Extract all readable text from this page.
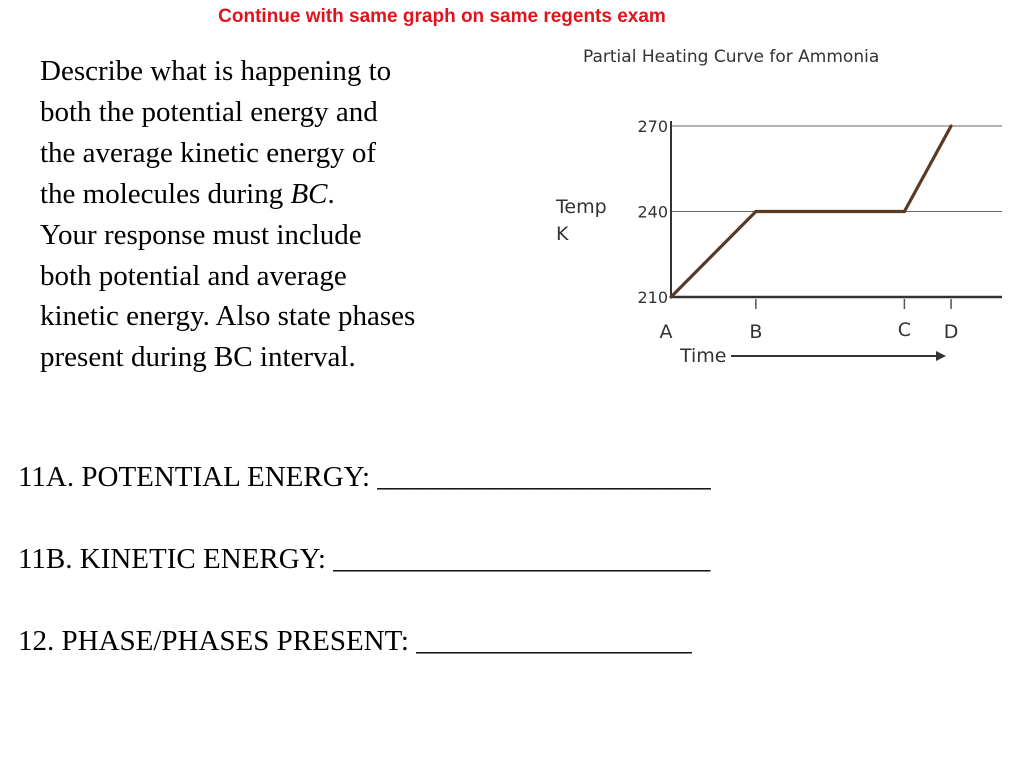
Continue with same graph on same regents exam
Describe what is happening to
both the potential energy and
the average kinetic energy of
the molecules during BC.
Your response must include
both potential and average
kinetic energy. Also state phases
present during BC interval.
Partial Heating Curve for Ammonia
Temp
K
210
240
270
A	B	C D
Time
11A. POTENTIAL ENERGY: _______________________
11B. KINETIC ENERGY: __________________________
12. PHASE/PHASES PRESENT: ___________________
